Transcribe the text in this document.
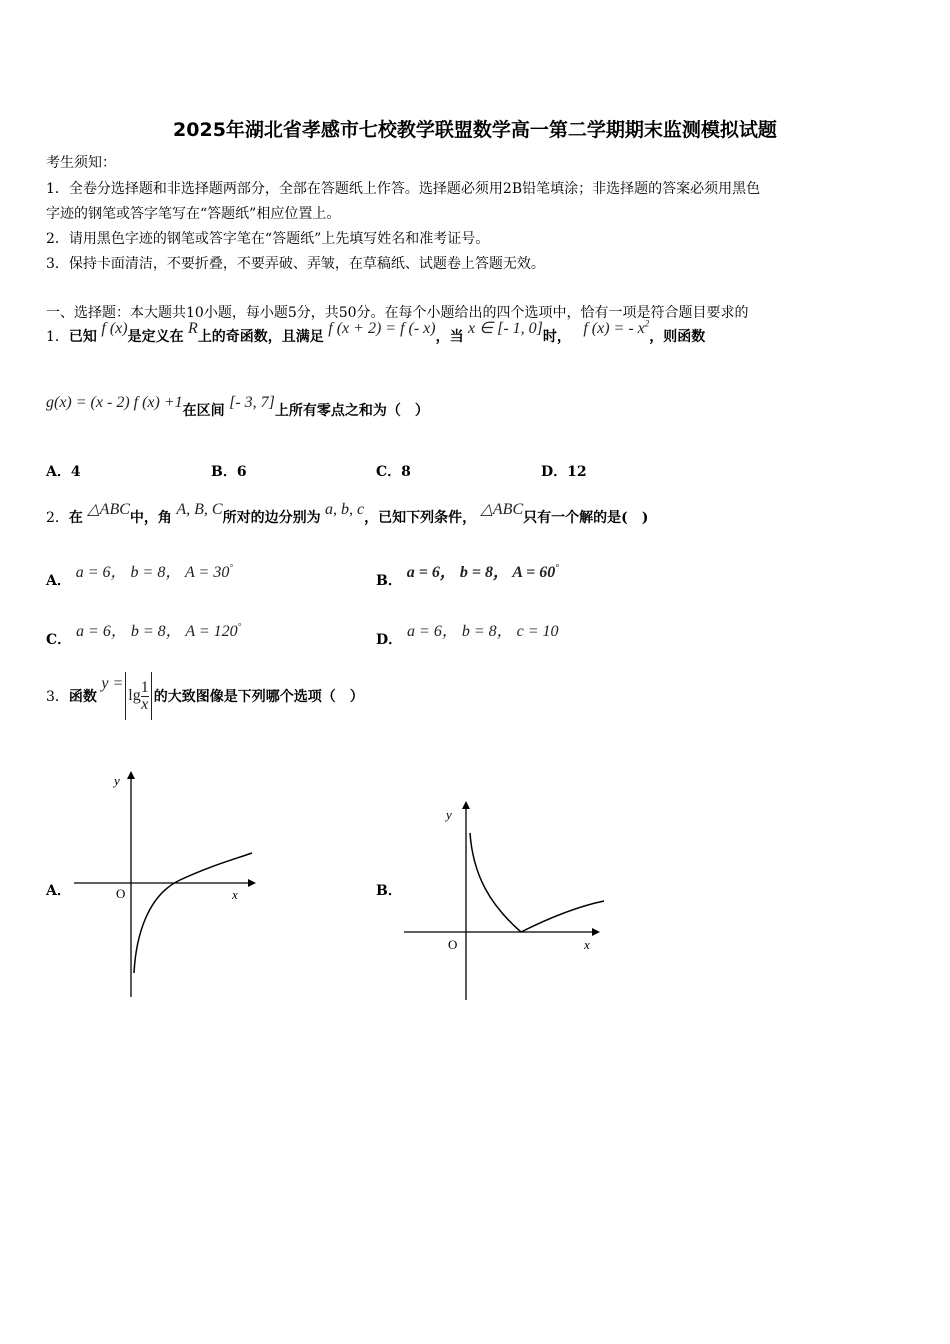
2025年湖北省孝感市七校教学联盟数学高一第二学期期末监测模拟试题
考生须知：
1．全卷分选择题和非选择题两部分，全部在答题纸上作答。选择题必须用2B铅笔填涂；非选择题的答案必须用黑色
字迹的钢笔或答字笔写在“答题纸”相应位置上。
2．请用黑色字迹的钢笔或答字笔在“答题纸”上先填写姓名和准考证号。
3．保持卡面清洁，不要折叠，不要弄破、弄皱，在草稿纸、试题卷上答题无效。
一、选择题：本大题共10小题，每小题5分，共50分。在每个小题给出的四个选项中，恰有一项是符合题目要求的
1．已知 f (x)是定义在 R上的奇函数，且满足 f (x + 2) = f (- x)，当 x ∈ [- 1, 0]时， f (x) = - $x^2$，则函数
g(x) = (x - 2) f (x) +1在区间 [- 3, 7]上所有零点之和为（　）
A．4	B．6	C．8	D．12
2．在 △ABC中，角 A, B, C所对的边分别为 a, b, c，已知下列条件， △ABC只有一个解的是(　)
A． a = 6， b = 8， A = 30°
B． a = 6， b = 8， A = 60°
C． a = 6， b = 8， A = 120°
D． a = 6， b = 8， c = 10
3．函数 $y =\lg \frac{1}{x}$ 的大致图像是下列哪个选项（　）
A．
y
O	x	B．
y
O	x
